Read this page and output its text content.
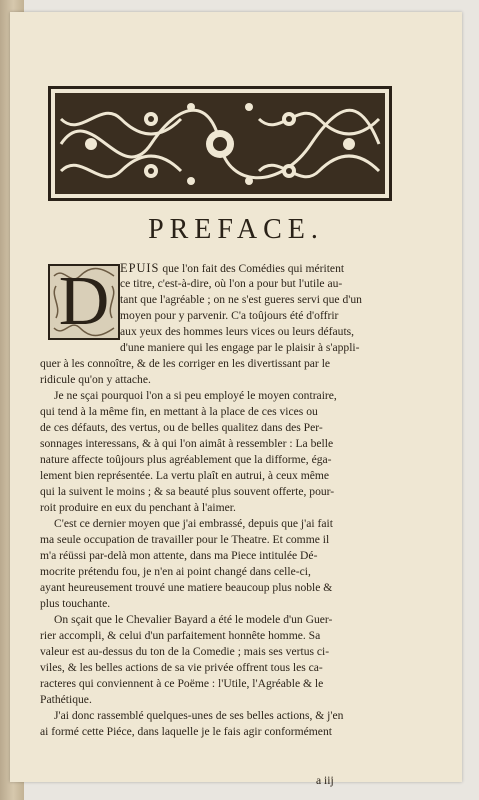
PREFACE.
D EPUIS que l'on fait des Comédies qui méritent
ce titre, c'est-à-dire, où l'on a pour but l'utile au-
tant que l'agréable ; on ne s'est gueres servi que d'un
moyen pour y parvenir. C'a toûjours été d'offrir
aux yeux des hommes leurs vices ou leurs défauts,
d'une maniere qui les engage par le plaisir à s'appli-
quer à les connoître, & de les corriger en les divertissant par le
ridicule qu'on y attache.
Je ne sçai pourquoi l'on a si peu employé le moyen contraire,
qui tend à la même fin, en mettant à la place de ces vices ou
de ces défauts, des vertus, ou de belles qualitez dans des Per-
sonnages interessans, & à qui l'on aimât à ressembler : La belle
nature affecte toûjours plus agréablement que la difforme, éga-
lement bien représentée. La vertu plaît en autrui, à ceux même
qui la suivent le moins ; & sa beauté plus souvent offerte, pour-
roit produire en eux du penchant à l'aimer.
C'est ce dernier moyen que j'ai embrassé, depuis que j'ai fait
ma seule occupation de travailler pour le Theatre. Et comme il
m'a réüssi par-delà mon attente, dans ma Piece intitulée Dé-
mocrite prétendu fou, je n'en ai point changé dans celle-ci,
ayant heureusement trouvé une matiere beaucoup plus noble &
plus touchante.
On sçait que le Chevalier Bayard a été le modele d'un Guer-
rier accompli, & celui d'un parfaitement honnête homme. Sa
valeur est au-dessus du ton de la Comedie ; mais ses vertus ci-
viles, & les belles actions de sa vie privée offrent tous les ca-
racteres qui conviennent à ce Poëme : l'Utile, l'Agréable & le
Pathétique.
J'ai donc rassemblé quelques-unes de ses belles actions, & j'en
ai formé cette Piéce, dans laquelle je le fais agir conformément
a iij
